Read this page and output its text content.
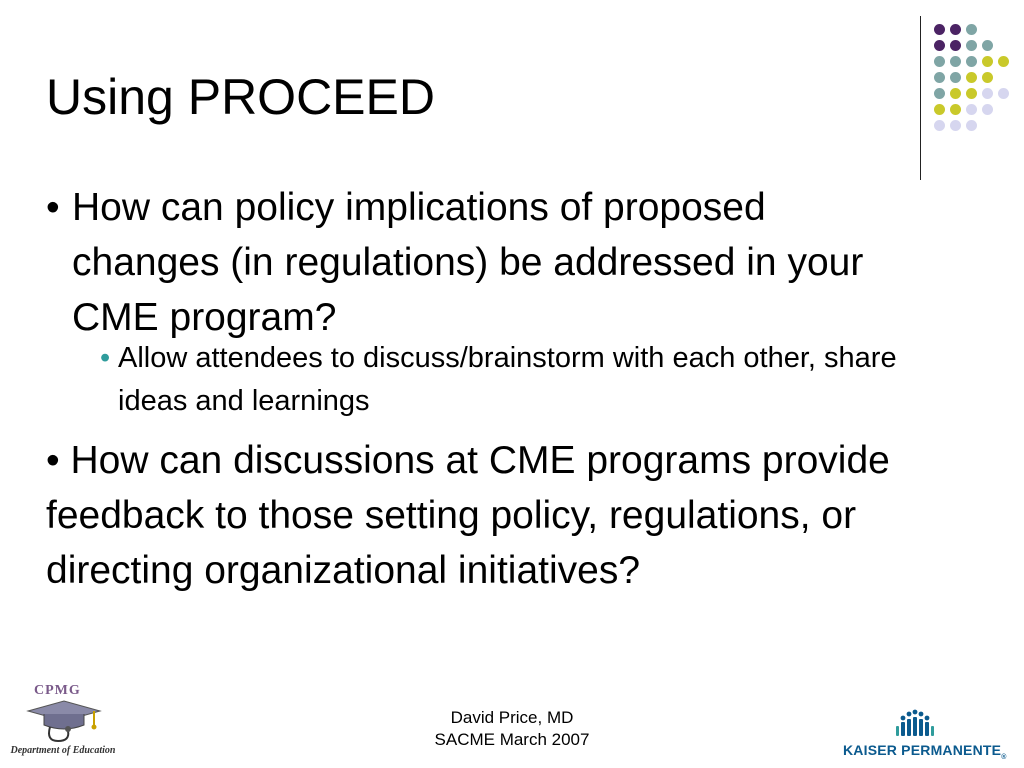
Using PROCEED
• How can policy implications of proposed changes (in regulations) be addressed in your CME program?
• Allow attendees to discuss/brainstorm with each other, share ideas and learnings
• How can discussions at CME programs provide feedback to those setting policy, regulations, or directing organizational initiatives?
CPMG
Department of Education
David Price, MD
SACME March 2007
KAISER $PERMANENTE_®$
